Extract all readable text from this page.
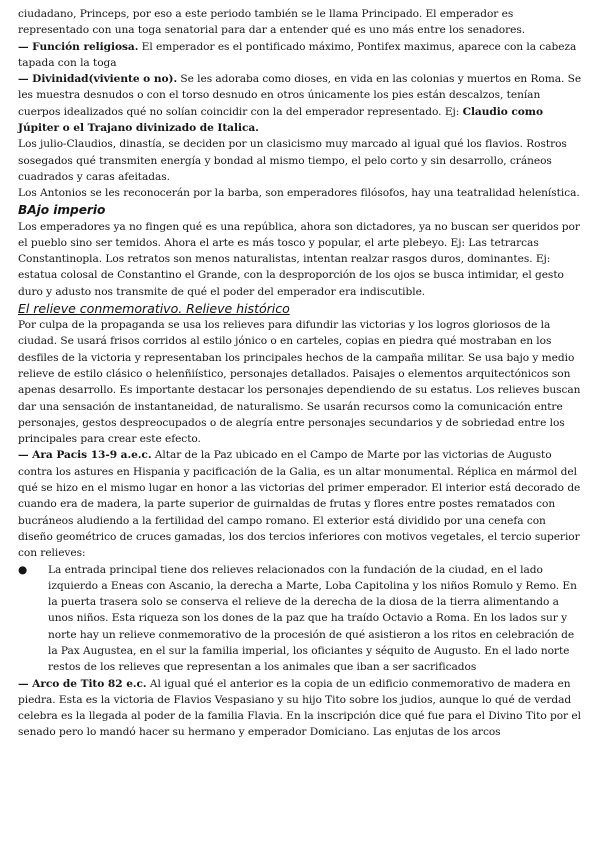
ciudadano, Princeps, por eso a este periodo también se le llama Principado. El emperador es representado con una toga senatorial para dar a entender qué es uno más entre los senadores.

— Función religiosa. El emperador es el pontificado máximo, Pontifex maximus, aparece con la cabeza tapada con la toga

— Divinidad(viviente o no). Se les adoraba como dioses, en vida en las colonias y muertos en Roma. Se les muestra desnudos o con el torso desnudo en otros únicamente los pies están descalzos, tenían cuerpos idealizados qué no solían coincidir con la del emperador representado. Ej: Claudio como Júpiter o el Trajano divinizado de Italica.

Los julio-Claudios, dinastía, se deciden por un clasicismo muy marcado al igual qué los flavios. Rostros sosegados qué transmiten energía y bondad al mismo tiempo, el pelo corto y sin desarrollo, cráneos cuadrados y caras afeitadas.

Los Antonios se les reconocerán por la barba, son emperadores filósofos, hay una teatralidad helenística.

BAjo imperio

Los emperadores ya no fingen qué es una república, ahora son dictadores, ya no buscan ser queridos por el pueblo sino ser temidos. Ahora el arte es más tosco y popular, el arte plebeyo. Ej: Las tetrarcas Constantinopla. Los retratos son menos naturalistas, intentan realzar rasgos duros, dominantes. Ej: estatua colosal de Constantino el Grande, con la desproporción de los ojos se busca intimidar, el gesto duro y adusto nos transmite de qué el poder del emperador era indiscutible.

El relieve conmemorativo. Relieve histórico

Por culpa de la propaganda se usa los relieves para difundir las victorias y los logros gloriosos de la ciudad. Se usará frisos corridos al estilo jónico o en carteles, copias en piedra qué mostraban en los desfiles de la victoria y representaban los principales hechos de la campaña militar. Se usa bajo y medio relieve de estilo clásico o helenñiístico, personajes detallados. Paisajes o elementos arquitectónicos son apenas desarrollo. Es importante destacar los personajes dependiendo de su estatus. Los relieves buscan dar una sensación de instantaneidad, de naturalismo. Se usarán recursos como la comunicación entre personajes, gestos despreocupados o de alegría entre personajes secundarios y de sobriedad entre los principales para crear este efecto.

— Ara Pacis 13-9 a.e.c. Altar de la Paz ubicado en el Campo de Marte por las victorias de Augusto contra los astures en Hispania y pacificación de la Galia, es un altar monumental. Réplica en mármol del qué se hizo en el mismo lugar en honor a las victorias del primer emperador. El interior está decorado de cuando era de madera, la parte superior de guirnaldas de frutas y flores entre postes rematados con bucráneos aludiendo a la fertilidad del campo romano. El exterior está dividido por una cenefa con diseño geométrico de cruces gamadas, los dos tercios inferiores con motivos vegetales, el tercio superior con relieves:

● La entrada principal tiene dos relieves relacionados con la fundación de la ciudad, en el lado izquierdo a Eneas con Ascanio, la derecha a Marte, Loba Capitolina y los niños Romulo y Remo. En la puerta trasera solo se conserva el relieve de la derecha de la diosa de la tierra alimentando a unos niños. Esta riqueza son los dones de la paz que ha traído Octavio a Roma. En los lados sur y norte hay un relieve conmemorativo de la procesión de qué asistieron a los ritos en celebración de la Pax Augustea, en el sur la familia imperial, los oficiantes y séquito de Augusto. En el lado norte restos de los relieves que representan a los animales que iban a ser sacrificados

— Arco de Tito 82 e.c. Al igual qué el anterior es la copia de un edificio conmemorativo de madera en piedra. Esta es la victoria de Flavios Vespasiano y su hijo Tito sobre los judios, aunque lo qué de verdad celebra es la llegada al poder de la familia Flavia. En la inscripción dice qué fue para el Divino Tito por el senado pero lo mandó hacer su hermano y emperador Domiciano. Las enjutas de los arcos
